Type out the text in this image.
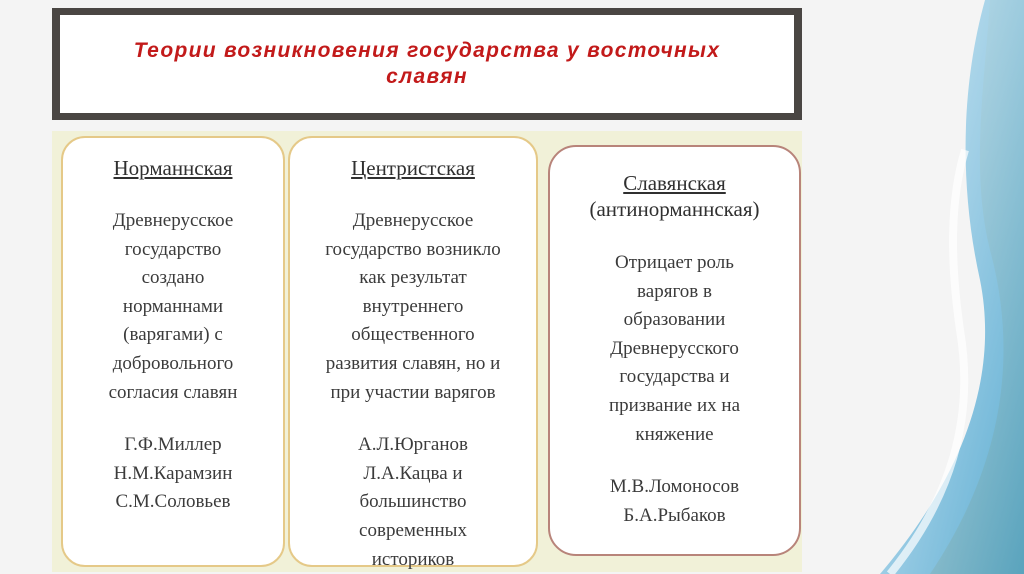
Теории возникновения государства у восточных славян
Норманнская
Древнерусское
государство
создано
норманнами
(варягами) с
добровольного
согласия славян
Г.Ф.Миллер
Н.М.Карамзин
С.М.Соловьев
Центристская
Древнерусское
государство возникло
как результат
внутреннего
общественного
развития славян, но и
при участии варягов
А.Л.Юрганов
Л.А.Кацва и
большинство
современных
историков
Славянская
(антинорманнская)
Отрицает роль
варягов в
образовании
Древнерусского
государства и
призвание их на
княжение
М.В.Ломоносов
Б.А.Рыбаков
